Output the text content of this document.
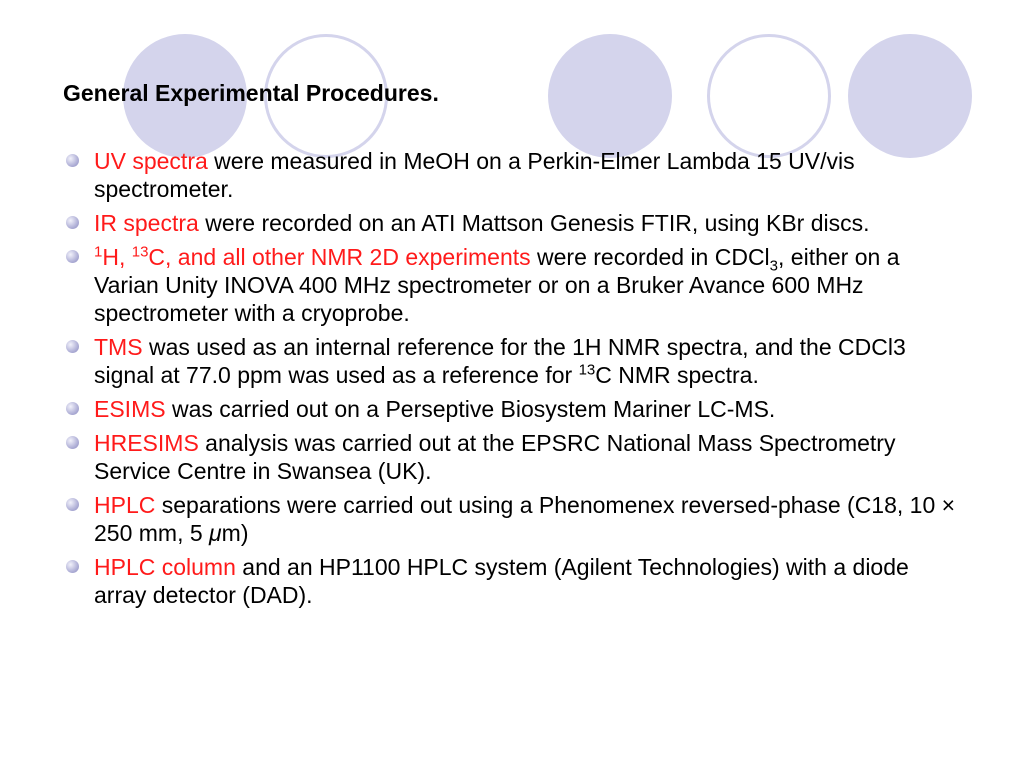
General Experimental Procedures.
UV spectra were measured in MeOH on a Perkin-Elmer Lambda 15 UV/vis spectrometer.
IR spectra were recorded on an ATI Mattson Genesis FTIR, using KBr discs.
$^1$H, $^{13}$C, and all other NMR 2D experiments were recorded in CDCl$_3$, either on a Varian Unity INOVA 400 MHz spectrometer or on a Bruker Avance 600 MHz spectrometer with a cryoprobe.
TMS was used as an internal reference for the 1H NMR spectra, and the CDCl3 signal at 77.0 ppm was used as a reference for $^{13}$C NMR spectra.
ESIMS was carried out on a Perseptive Biosystem Mariner LC-MS.
HRESIMS analysis was carried out at the EPSRC National Mass Spectrometry Service Centre in Swansea (UK).
HPLC separations were carried out using a Phenomenex reversed-phase (C18, 10 × 250 mm, 5 μm)
HPLC column and an HP1100 HPLC system (Agilent Technologies) with a diode array detector (DAD).
